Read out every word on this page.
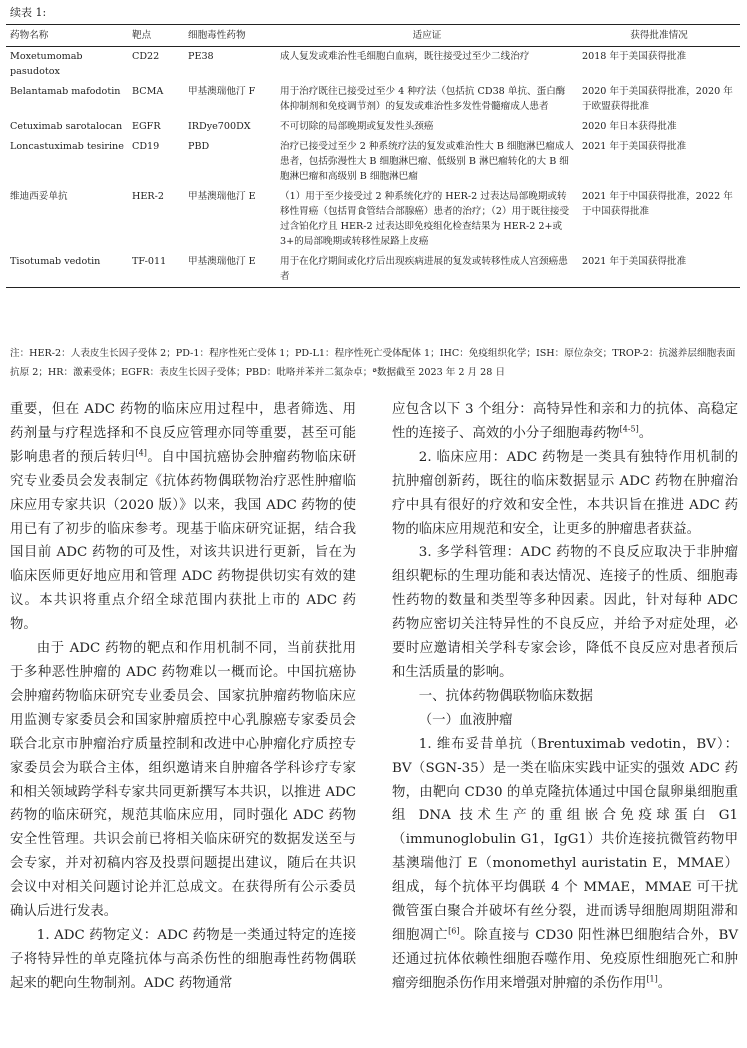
续表 1:
药物名称	靶点	细胞毒性药物	适应证	获得批准情况
Moxetumomab pasudotox	CD22	PE38	成人复发或难治性毛细胞白血病，既往接受过至少二线治疗	2018 年于美国获得批准
Belantamab mafodotin	BCMA	甲基澳瑞他汀 F	用于治疗既往已接受过至少 4 种疗法（包括抗 CD38 单抗、蛋白酶体抑制剂和免疫调节剂）的复发或难治性多发性骨髓瘤成人患者	2020 年于美国获得批准，2020 年于欧盟获得批准
Cetuximab sarotalocan	EGFR	IRDye700DX	不可切除的局部晚期或复发性头颈癌	2020 年日本获得批准
Loncastuximab tesirine	CD19	PBD	治疗已接受过至少 2 种系统疗法的复发或难治性大 B 细胞淋巴瘤成人患者，包括弥漫性大 B 细胞淋巴瘤、低级别 B 淋巴瘤转化的大 B 细胞淋巴瘤和高级别 B 细胞淋巴瘤	2021 年于美国获得批准
维迪西妥单抗	HER-2	甲基澳瑞他汀 E	（1）用于至少接受过 2 种系统化疗的 HER-2 过表达局部晚期或转移性胃癌（包括胃食管结合部腺癌）患者的治疗；（2）用于既往接受过含铂化疗且 HER-2 过表达即免疫组化检查结果为 HER-2 2+或 3+的局部晚期或转移性尿路上皮癌	2021 年于中国获得批准，2022 年于中国获得批准
Tisotumab vedotin	TF-011	甲基澳瑞他汀 E	用于在化疗期间或化疗后出现疾病进展的复发或转移性成人宫颈癌患者	2021 年于美国获得批准
注：HER-2：人表皮生长因子受体 2；PD-1：程序性死亡受体 1；PD-L1：程序性死亡受体配体 1；IHC：免疫组织化学；ISH：原位杂交；TROP-2：抗滋养层细胞表面抗原 2；HR：激素受体；EGFR：表皮生长因子受体；PBD：吡咯并苯并二氮杂卓；ª数据截至 2023 年 2 月 28 日

重要，但在 ADC 药物的临床应用过程中，患者筛选、用药剂量与疗程选择和不良反应管理亦同等重要，甚至可能影响患者的预后转归[4]。自中国抗癌协会肿瘤药物临床研究专业委员会发表制定《抗体药物偶联物治疗恶性肿瘤临床应用专家共识（2020 版）》以来，我国 ADC 药物的使用已有了初步的临床参考。现基于临床研究证据，结合我国目前 ADC 药物的可及性，对该共识进行更新，旨在为临床医师更好地应用和管理 ADC 药物提供切实有效的建议。本共识将重点介绍全球范围内获批上市的 ADC 药物。

由于 ADC 药物的靶点和作用机制不同，当前获批用于多种恶性肿瘤的 ADC 药物难以一概而论。中国抗癌协会肿瘤药物临床研究专业委员会、国家抗肿瘤药物临床应用监测专家委员会和国家肿瘤质控中心乳腺癌专家委员会联合北京市肿瘤治疗质量控制和改进中心肿瘤化疗质控专家委员会为联合主体，组织邀请来自肿瘤各学科诊疗专家和相关领域跨学科专家共同更新撰写本共识，以推进 ADC 药物的临床研究，规范其临床应用，同时强化 ADC 药物安全性管理。共识会前已将相关临床研究的数据发送至与会专家，并对初稿内容及投票问题提出建议，随后在共识会议中对相关问题讨论并汇总成文。在获得所有公示委员确认后进行发表。

1. ADC 药物定义：ADC 药物是一类通过特定的连接子将特异性的单克隆抗体与高杀伤性的细胞毒性药物偶联起来的靶向生物制剂。ADC 药物通常

应包含以下 3 个组分：高特异性和亲和力的抗体、高稳定性的连接子、高效的小分子细胞毒药物[4-5]。

2. 临床应用：ADC 药物是一类具有独特作用机制的抗肿瘤创新药，既往的临床数据显示 ADC 药物在肿瘤治疗中具有很好的疗效和安全性，本共识旨在推进 ADC 药物的临床应用规范和安全，让更多的肿瘤患者获益。

3. 多学科管理：ADC 药物的不良反应取决于非肿瘤组织靶标的生理功能和表达情况、连接子的性质、细胞毒性药物的数量和类型等多种因素。因此，针对每种 ADC 药物应密切关注特异性的不良反应，并给予对症处理，必要时应邀请相关学科专家会诊，降低不良反应对患者预后和生活质量的影响。

一、抗体药物偶联物临床数据

（一）血液肿瘤

1. 维布妥昔单抗（Brentuximab vedotin，BV）：BV（SGN-35）是一类在临床实践中证实的强效 ADC 药物，由靶向 CD30 的单克隆抗体通过中国仓鼠卵巢细胞重组 DNA 技术生产的重组嵌合免疫球蛋白 G1（immunoglobulin G1，IgG1）共价连接抗微管药物甲基澳瑞他汀 E（monomethyl auristatin E，MMAE）组成，每个抗体平均偶联 4 个 MMAE，MMAE 可干扰微管蛋白聚合并破坏有丝分裂，进而诱导细胞周期阻滞和细胞凋亡[6]。除直接与 CD30 阳性淋巴细胞结合外，BV 还通过抗体依赖性细胞吞噬作用、免疫原性细胞死亡和肿瘤旁细胞杀伤作用来增强对肿瘤的杀伤作用[1]。
